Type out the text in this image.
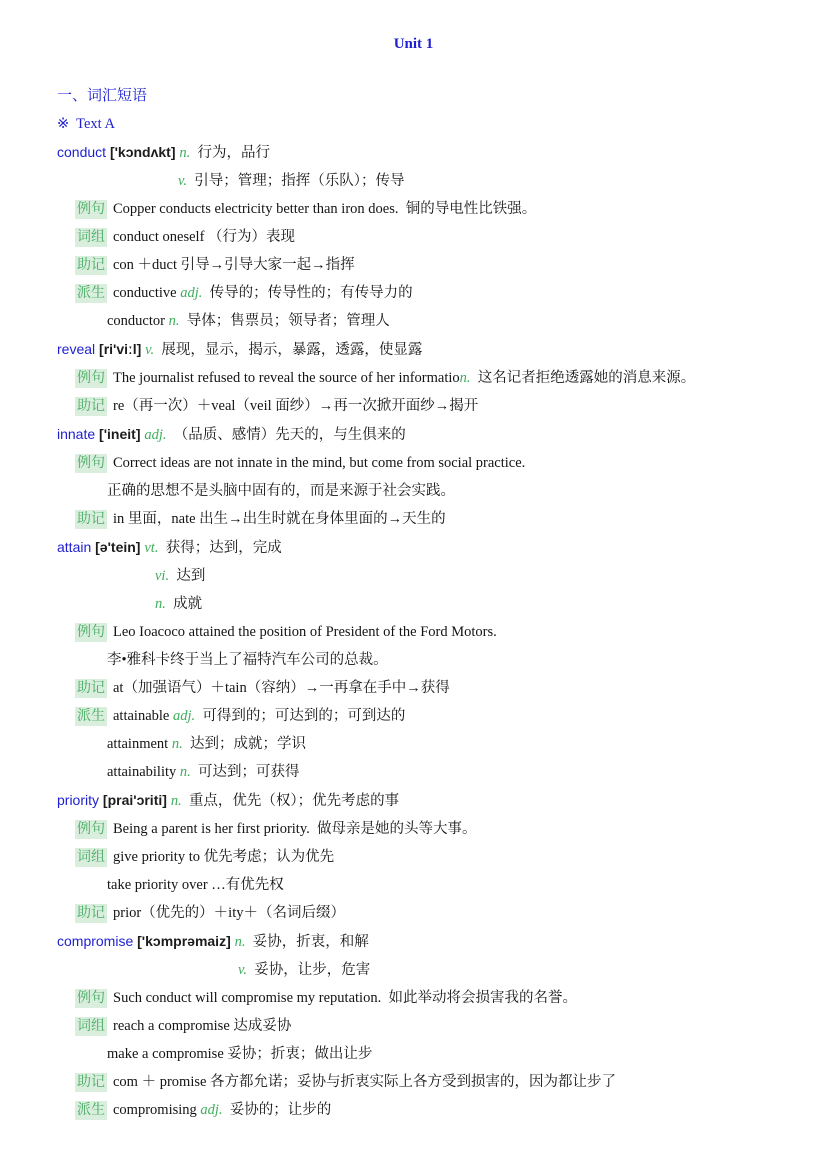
Unit 1
一、词汇短语
※ Text A
conduct ['kɔndʌkt] n.  行为，品行
v.  引导；管理；指挥（乐队）；传导
例句 Copper conducts electricity better than iron does.  铜的导电性比铁强。
词组 conduct oneself （行为）表现
助记 con ＋duct 引导→引导大家一起→指挥
派生 conductive adj.  传导的；传导性的；有传导力的
conductor n.  导体；售票员；领导者；管理人
reveal [ri'viːl] v.  展现，显示，揭示，暴露，透露，使显露
例句 The journalist refused to reveal the source of her information.  这名记者拒绝透露她的消息来源。
助记 re（再一次）＋veal（veil 面纱）→再一次掀开面纱→揭开
innate ['ineit] adj.  （品质、感情）先天的，与生俱来的
例句 Correct ideas are not innate in the mind, but come from social practice.
正确的思想不是头脑中固有的，而是来源于社会实践。
助记 in 里面，nate 出生→出生时就在身体里面的→天生的
attain [ə'tein] vt.  获得；达到，完成
vi.  达到
n.  成就
例句 Leo Ioacoco attained the position of President of the Ford Motors.
李•雅科卡终于当上了福特汽车公司的总裁。
助记 at（加强语气）＋tain（容纳）→一再拿在手中→获得
派生 attainable adj.  可得到的；可达到的；可到达的
attainment n.  达到；成就；学识
attainability n.  可达到；可获得
priority [prai'ɔriti] n.  重点，优先（权）；优先考虑的事
例句 Being a parent is her first priority.  做母亲是她的头等大事。
词组 give priority to 优先考虑；认为优先
take priority over …有优先权
助记 prior（优先的）＋ity＋（名词后缀）
compromise ['kɔmprəmaiz] n.  妥协，折衷，和解
v.  妥协，让步，危害
例句 Such conduct will compromise my reputation.  如此举动将会损害我的名誉。
词组 reach a compromise 达成妥协
make a compromise 妥协；折衷；做出让步
助记 com ＋ promise 各方都允诺；妥协与折衷实际上各方受到损害的，因为都让步了
派生 compromising adj.  妥协的；让步的
